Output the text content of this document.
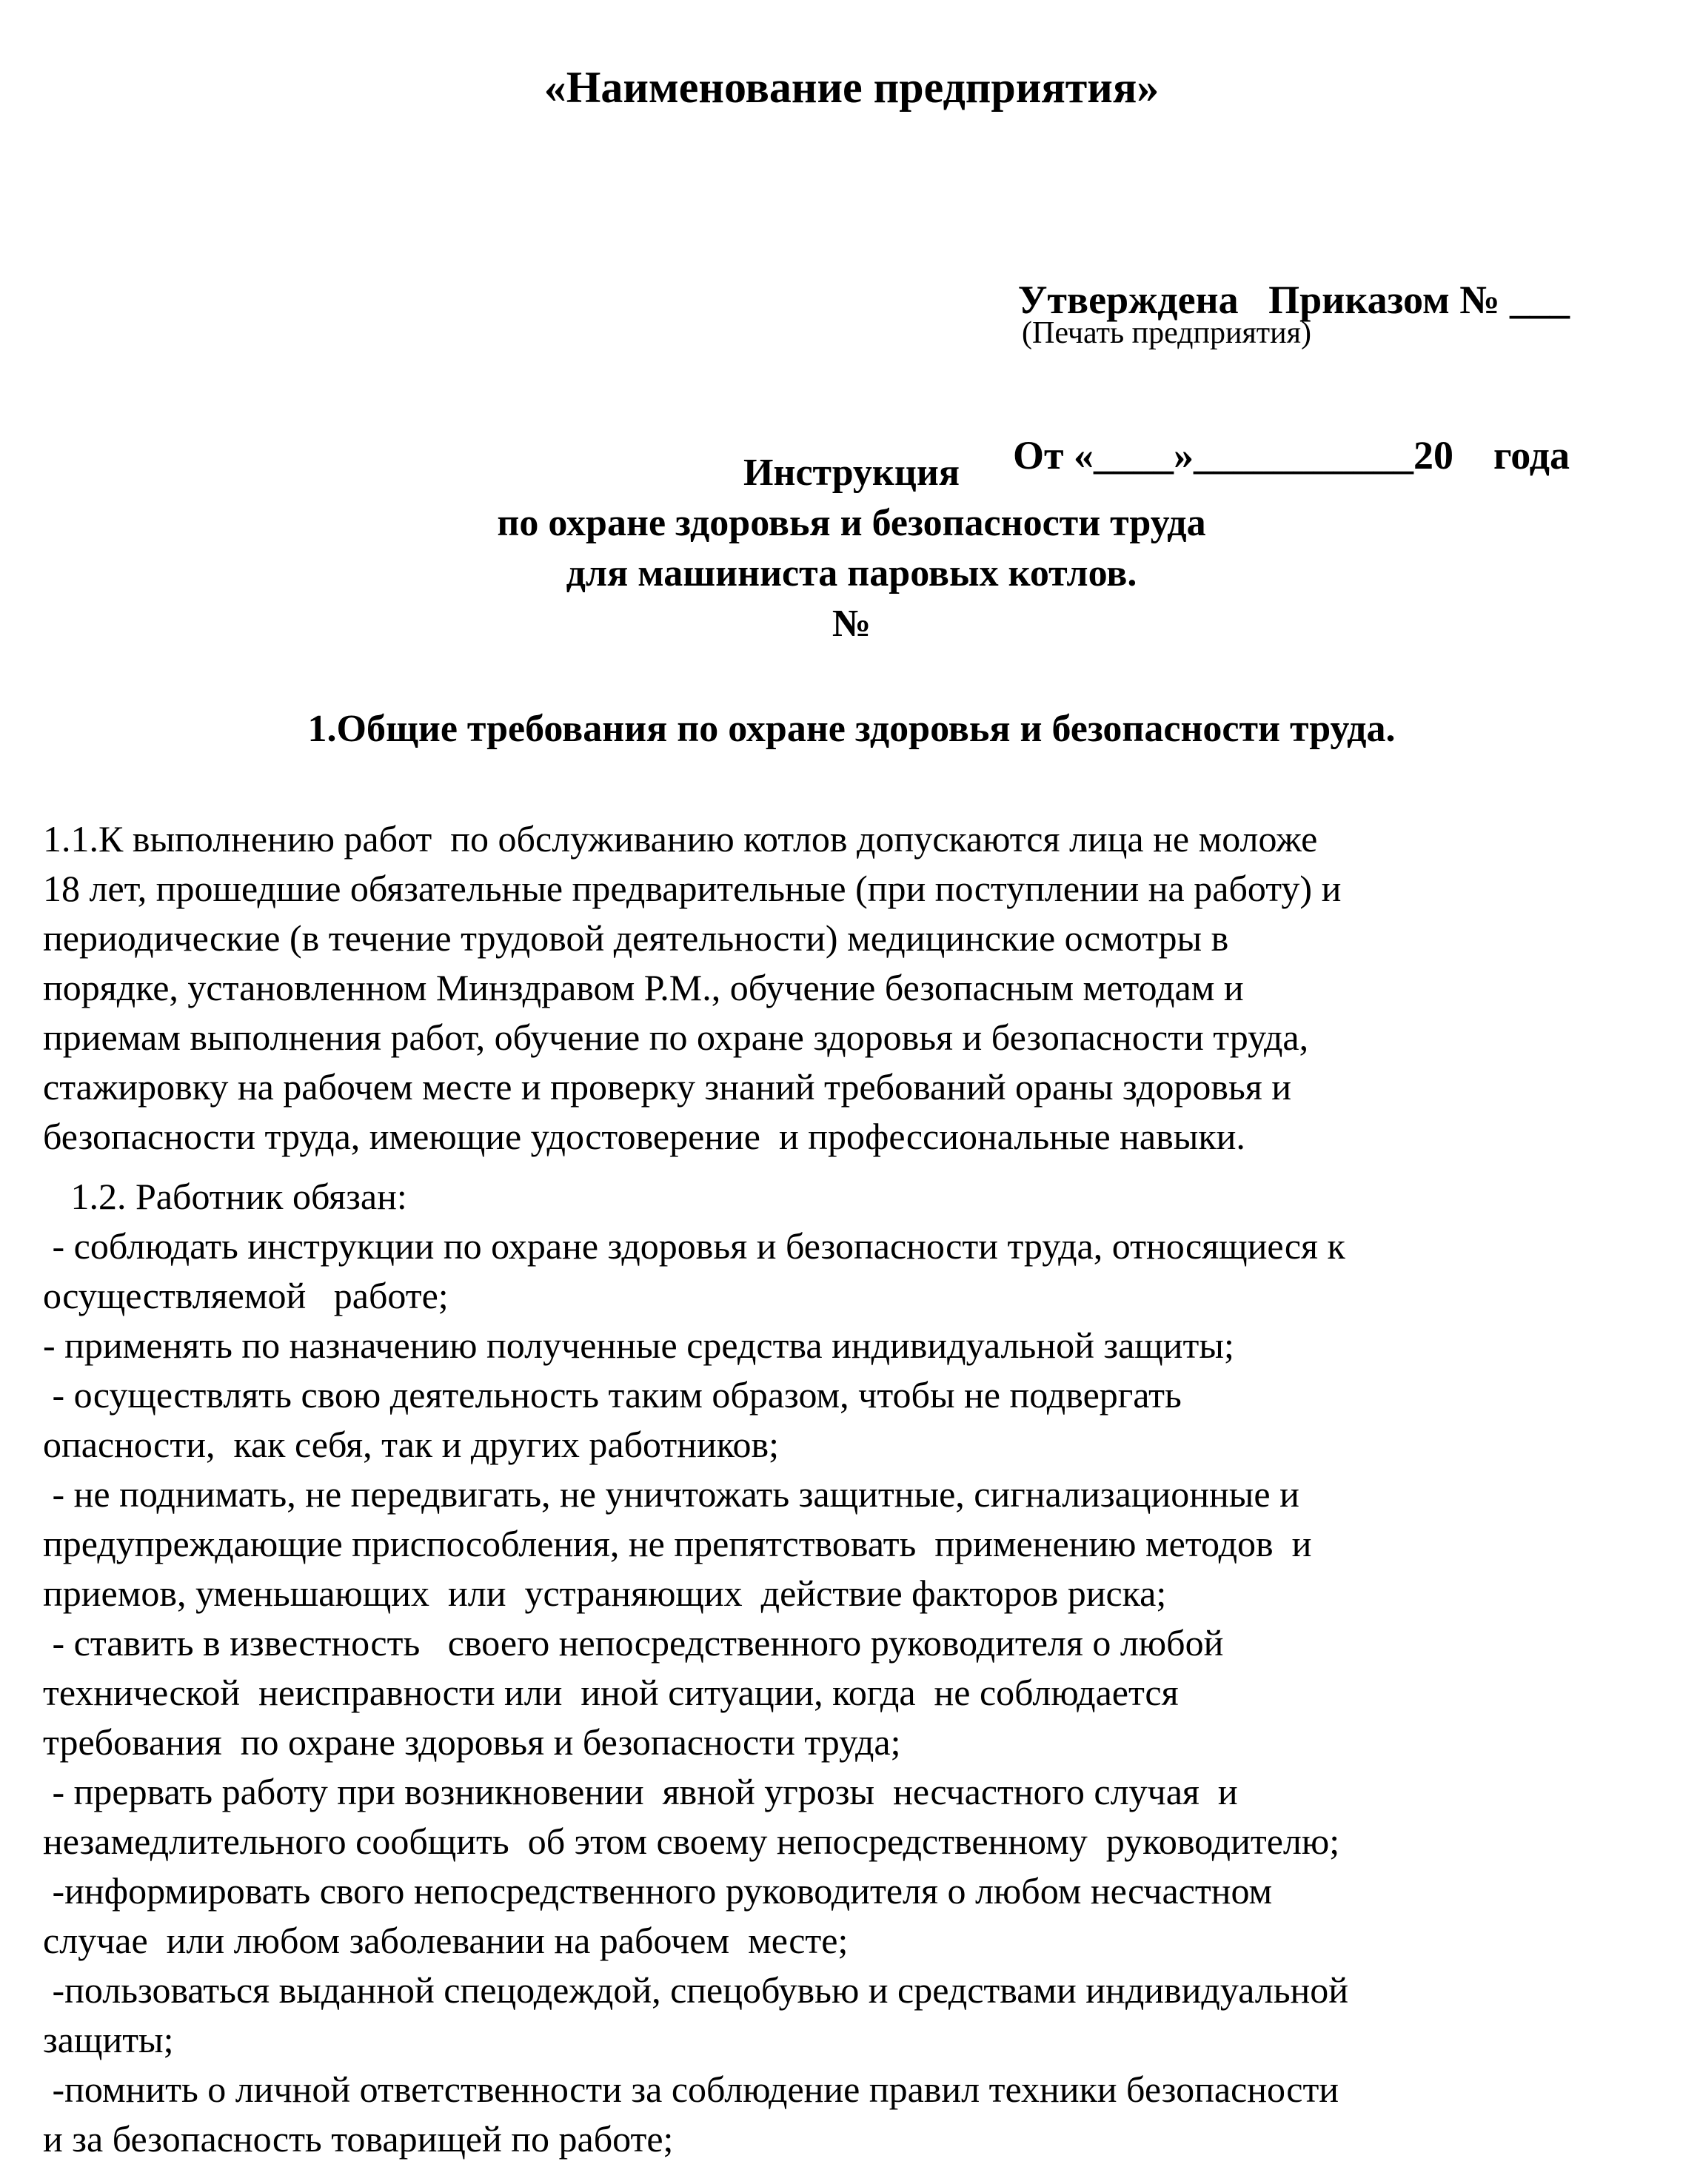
«Наименование предприятия»

Утверждена   Приказом № ___

От «____»___________20    года

(Печать предприятия)
Инструкция
по охране здоровья и безопасности труда
для машиниста паровых котлов.
№
1.Общие требования по охране здоровья и безопасности труда.
1.1.К выполнению работ  по обслуживанию котлов допускаются лица не моложе
18 лет, прошедшие обязательные предварительные (при поступлении на работу) и
периодические (в течение трудовой деятельности) медицинские осмотры в
порядке, установленном Минздравом Р.М., обучение безопасным методам и
приемам выполнения работ, обучение по охране здоровья и безопасности труда,
стажировку на рабочем месте и проверку знаний требований ораны здоровья и
безопасности труда, имеющие удостоверение  и профессиональные навыки.
1.2. Работник обязан:
- соблюдать инструкции по охране здоровья и безопасности труда, относящиеся к
осуществляемой   работе;
- применять по назначению полученные средства индивидуальной защиты;
- осуществлять свою деятельность таким образом, чтобы не подвергать
опасности,  как себя, так и других работников;
- не поднимать, не передвигать, не уничтожать защитные, сигнализационные и
предупреждающие приспособления, не препятствовать  применению методов  и
приемов, уменьшающих  или  устраняющих  действие факторов риска;
- ставить в известность   своего непосредственного руководителя о любой
технической  неисправности или  иной ситуации, когда  не соблюдается
требования  по охране здоровья и безопасности труда;
- прервать работу при возникновении  явной угрозы  несчастного случая  и
незамедлительного сообщить  об этом своему непосредственному  руководителю;
-информировать свого непосредственного руководителя о любом несчастном
случае  или любом заболевании на рабочем  месте;
-пользоваться выданной спецодеждой, спецобувью и средствами индивидуальной
защиты;
-помнить о личной ответственности за соблюдение правил техники безопасности
и за безопасность товарищей по работе;
